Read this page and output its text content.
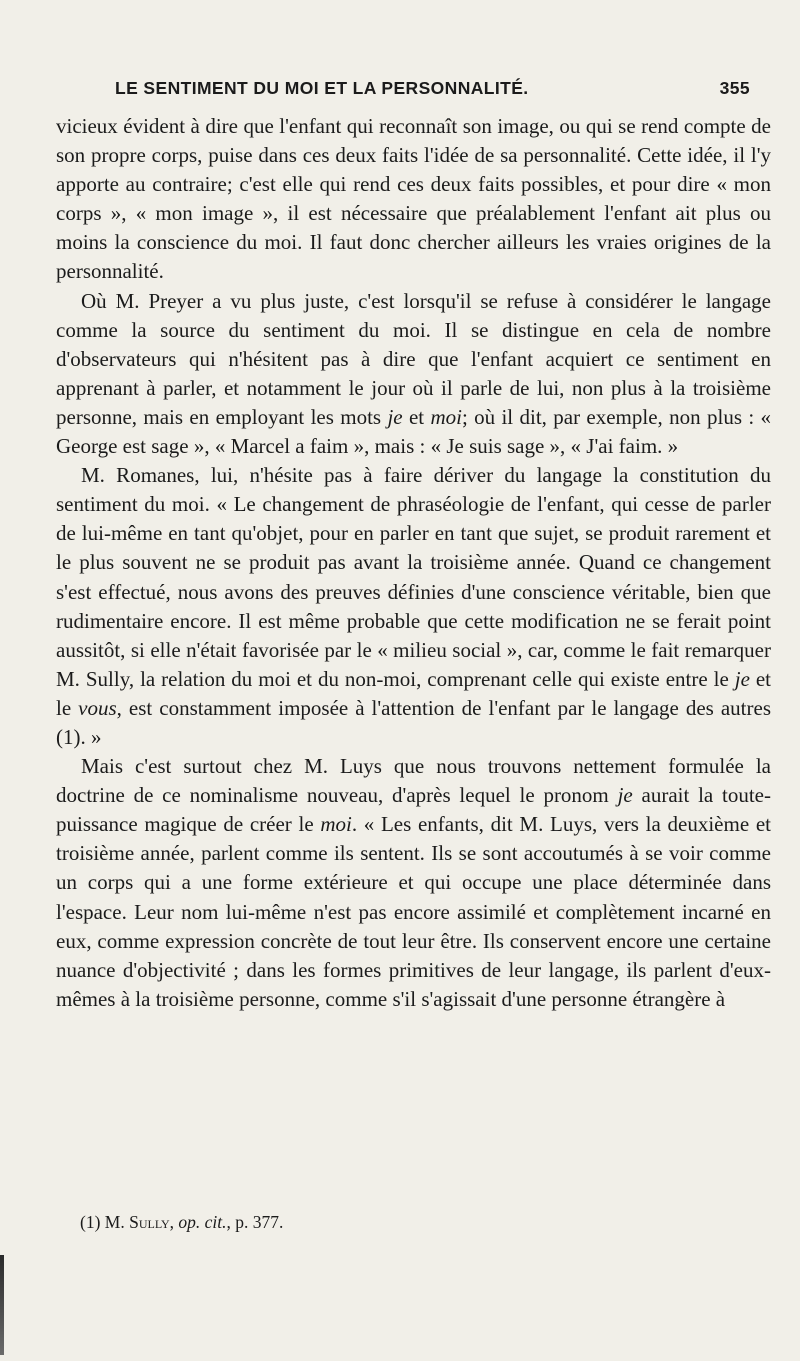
LE SENTIMENT DU MOI ET LA PERSONNALITÉ.	355

vicieux évident à dire que l'enfant qui reconnaît son image, ou qui se rend compte de son propre corps, puise dans ces deux faits l'idée de sa personnalité. Cette idée, il l'y apporte au contraire; c'est elle qui rend ces deux faits possibles, et pour dire « mon corps », « mon image », il est nécessaire que préalablement l'enfant ait plus ou moins la conscience du moi. Il faut donc chercher ailleurs les vraies origines de la personnalité.

Où M. Preyer a vu plus juste, c'est lorsqu'il se refuse à considérer le langage comme la source du sentiment du moi. Il se distingue en cela de nombre d'observateurs qui n'hésitent pas à dire que l'enfant acquiert ce sentiment en apprenant à parler, et notamment le jour où il parle de lui, non plus à la troisième personne, mais en employant les mots je et moi; où il dit, par exemple, non plus : « George est sage », « Marcel a faim », mais : « Je suis sage », « J'ai faim. »

M. Romanes, lui, n'hésite pas à faire dériver du langage la constitution du sentiment du moi. « Le changement de phraséologie de l'enfant, qui cesse de parler de lui-même en tant qu'objet, pour en parler en tant que sujet, se produit rarement et le plus souvent ne se produit pas avant la troisième année. Quand ce changement s'est effectué, nous avons des preuves définies d'une conscience véritable, bien que rudimentaire encore. Il est même probable que cette modification ne se ferait point aussitôt, si elle n'était favorisée par le « milieu social », car, comme le fait remarquer M. Sully, la relation du moi et du non-moi, comprenant celle qui existe entre le je et le vous, est constamment imposée à l'attention de l'enfant par le langage des autres (1). »

Mais c'est surtout chez M. Luys que nous trouvons nettement formulée la doctrine de ce nominalisme nouveau, d'après lequel le pronom je aurait la toute-puissance magique de créer le moi. « Les enfants, dit M. Luys, vers la deuxième et troisième année, parlent comme ils sentent. Ils se sont accoutumés à se voir comme un corps qui a une forme extérieure et qui occupe une place déterminée dans l'espace. Leur nom lui-même n'est pas encore assimilé et complètement incarné en eux, comme expression concrète de tout leur être. Ils conservent encore une certaine nuance d'objectivité ; dans les formes primitives de leur langage, ils parlent d'eux-mêmes à la troisième personne, comme s'il s'agissait d'une personne étrangère à

(1) M. Sully, op. cit., p. 377.
